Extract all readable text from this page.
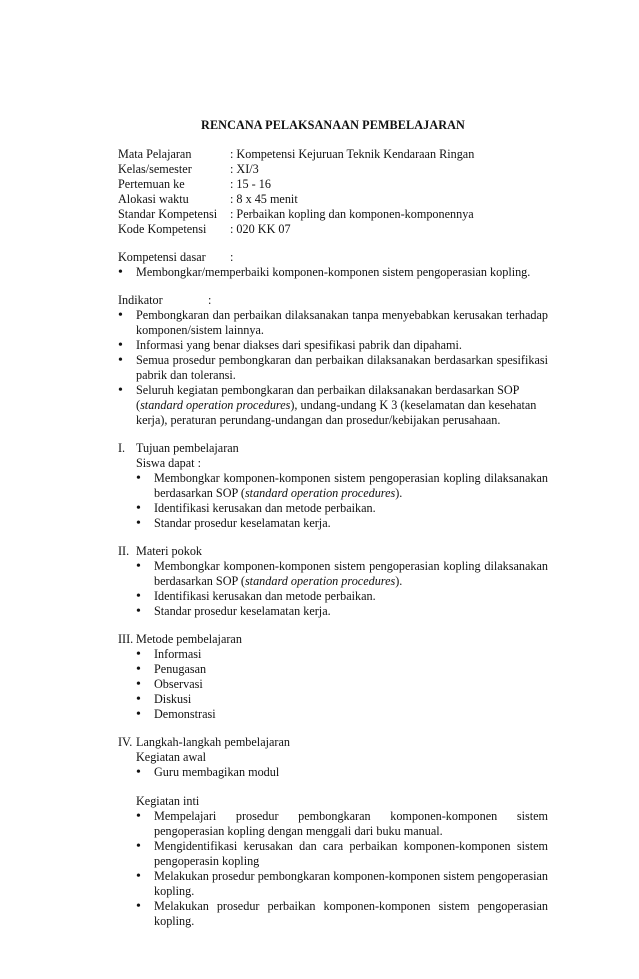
RENCANA PELAKSANAAN PEMBELAJARAN
Mata Pelajaran	: Kompetensi Kejuruan Teknik Kendaraan Ringan
Kelas/semester	: XI/3
Pertemuan ke	: 15 - 16
Alokasi waktu	: 8 x 45 menit
Standar Kompetensi	: Perbaikan kopling dan komponen-komponennya
Kode Kompetensi	: 020 KK 07
Kompetensi dasar	:
• Membongkar/memperbaiki komponen-komponen sistem pengoperasian kopling.
Indikator	:
• Pembongkaran dan perbaikan dilaksanakan tanpa menyebabkan kerusakan terhadap komponen/sistem lainnya.
• Informasi yang benar diakses dari spesifikasi pabrik dan dipahami.
• Semua prosedur pembongkaran dan perbaikan dilaksanakan berdasarkan spesifikasi pabrik dan toleransi.
• Seluruh kegiatan pembongkaran dan perbaikan dilaksanakan berdasarkan SOP (standard operation procedures), undang-undang K 3 (keselamatan dan kesehatan kerja), peraturan perundang-undangan dan prosedur/kebijakan perusahaan.
I. Tujuan pembelajaran
Siswa dapat :
• Membongkar komponen-komponen sistem pengoperasian kopling dilaksanakan berdasarkan SOP (standard operation procedures).
• Identifikasi kerusakan dan metode perbaikan.
• Standar prosedur keselamatan kerja.
II. Materi pokok
• Membongkar komponen-komponen sistem pengoperasian kopling dilaksanakan berdasarkan SOP (standard operation procedures).
• Identifikasi kerusakan dan metode perbaikan.
• Standar prosedur keselamatan kerja.
III. Metode pembelajaran
• Informasi
• Penugasan
• Observasi
• Diskusi
• Demonstrasi
IV. Langkah-langkah pembelajaran
Kegiatan awal
• Guru membagikan modul
Kegiatan inti
• Mempelajari prosedur pembongkaran komponen-komponen sistem pengoperasian kopling dengan menggali dari buku manual.
• Mengidentifikasi kerusakan dan cara perbaikan komponen-komponen sistem pengoperasin kopling
• Melakukan prosedur pembongkaran komponen-komponen sistem pengoperasian kopling.
• Melakukan prosedur perbaikan komponen-komponen sistem pengoperasian kopling.
